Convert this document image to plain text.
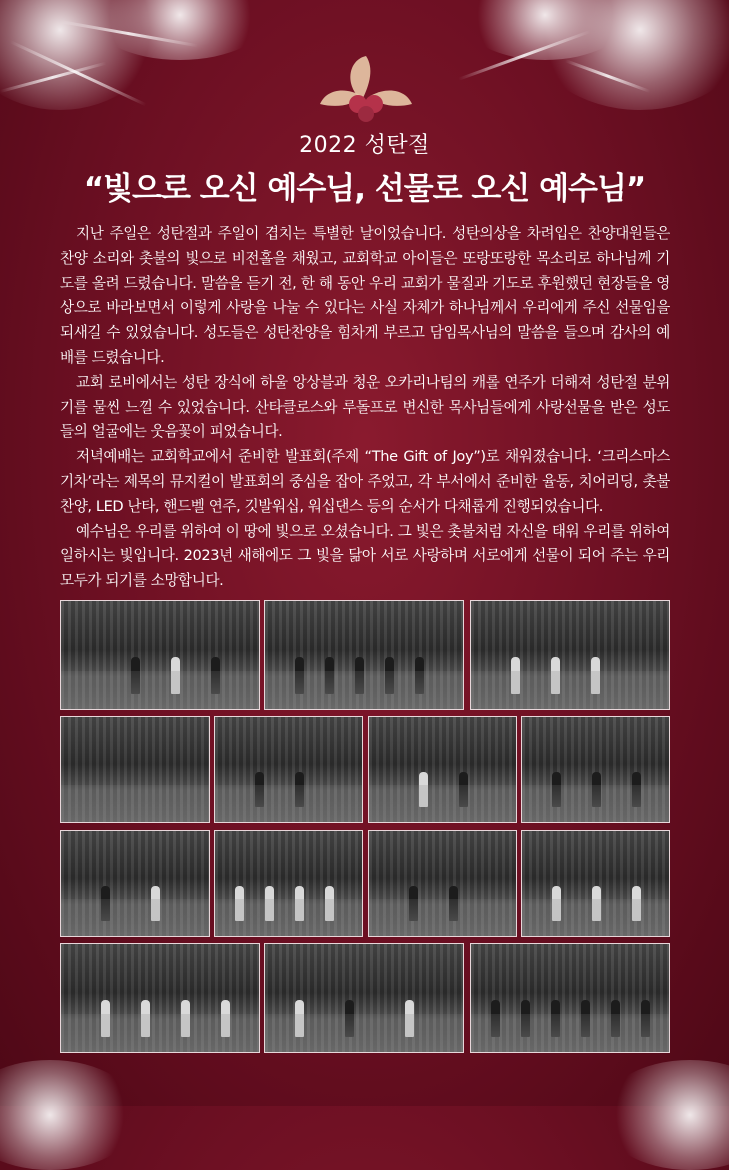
2022 성탄절
“빛으로 오신 예수님, 선물로 오신 예수님”

지난 주일은 성탄절과 주일이 겹치는 특별한 날이었습니다. 성탄의상을 차려입은 찬양대원들은 찬양 소리와 촛불의 빛으로 비전홀을 채웠고, 교회학교 아이들은 또랑또랑한 목소리로 하나님께 기도를 올려 드렸습니다. 말씀을 듣기 전, 한 해 동안 우리 교회가 물질과 기도로 후원했던 현장들을 영상으로 바라보면서 이렇게 사랑을 나눌 수 있다는 사실 자체가 하나님께서 우리에게 주신 선물임을 되새길 수 있었습니다. 성도들은 성탄찬양을 힘차게 부르고 담임목사님의 말씀을 들으며 감사의 예배를 드렸습니다.

교회 로비에서는 성탄 장식에 하울 앙상블과 청운 오카리나팀의 캐롤 연주가 더해져 성탄절 분위기를 물씬 느낄 수 있었습니다. 산타클로스와 루돌프로 변신한 목사님들에게 사랑선물을 받은 성도들의 얼굴에는 웃음꽃이 피었습니다.

저녁예배는 교회학교에서 준비한 발표회(주제 “The Gift of Joy”)로 채워졌습니다. ‘크리스마스 기차’라는 제목의 뮤지컬이 발표회의 중심을 잡아 주었고, 각 부서에서 준비한 율동, 치어리딩, 촛불찬양, LED 난타, 핸드벨 연주, 깃발워십, 워십댄스 등의 순서가 다채롭게 진행되었습니다.

예수님은 우리를 위하여 이 땅에 빛으로 오셨습니다. 그 빛은 촛불처럼 자신을 태워 우리를 위하여 일하시는 빛입니다. 2023년 새해에도 그 빛을 닮아 서로 사랑하며 서로에게 선물이 되어 주는 우리 모두가 되기를 소망합니다.
